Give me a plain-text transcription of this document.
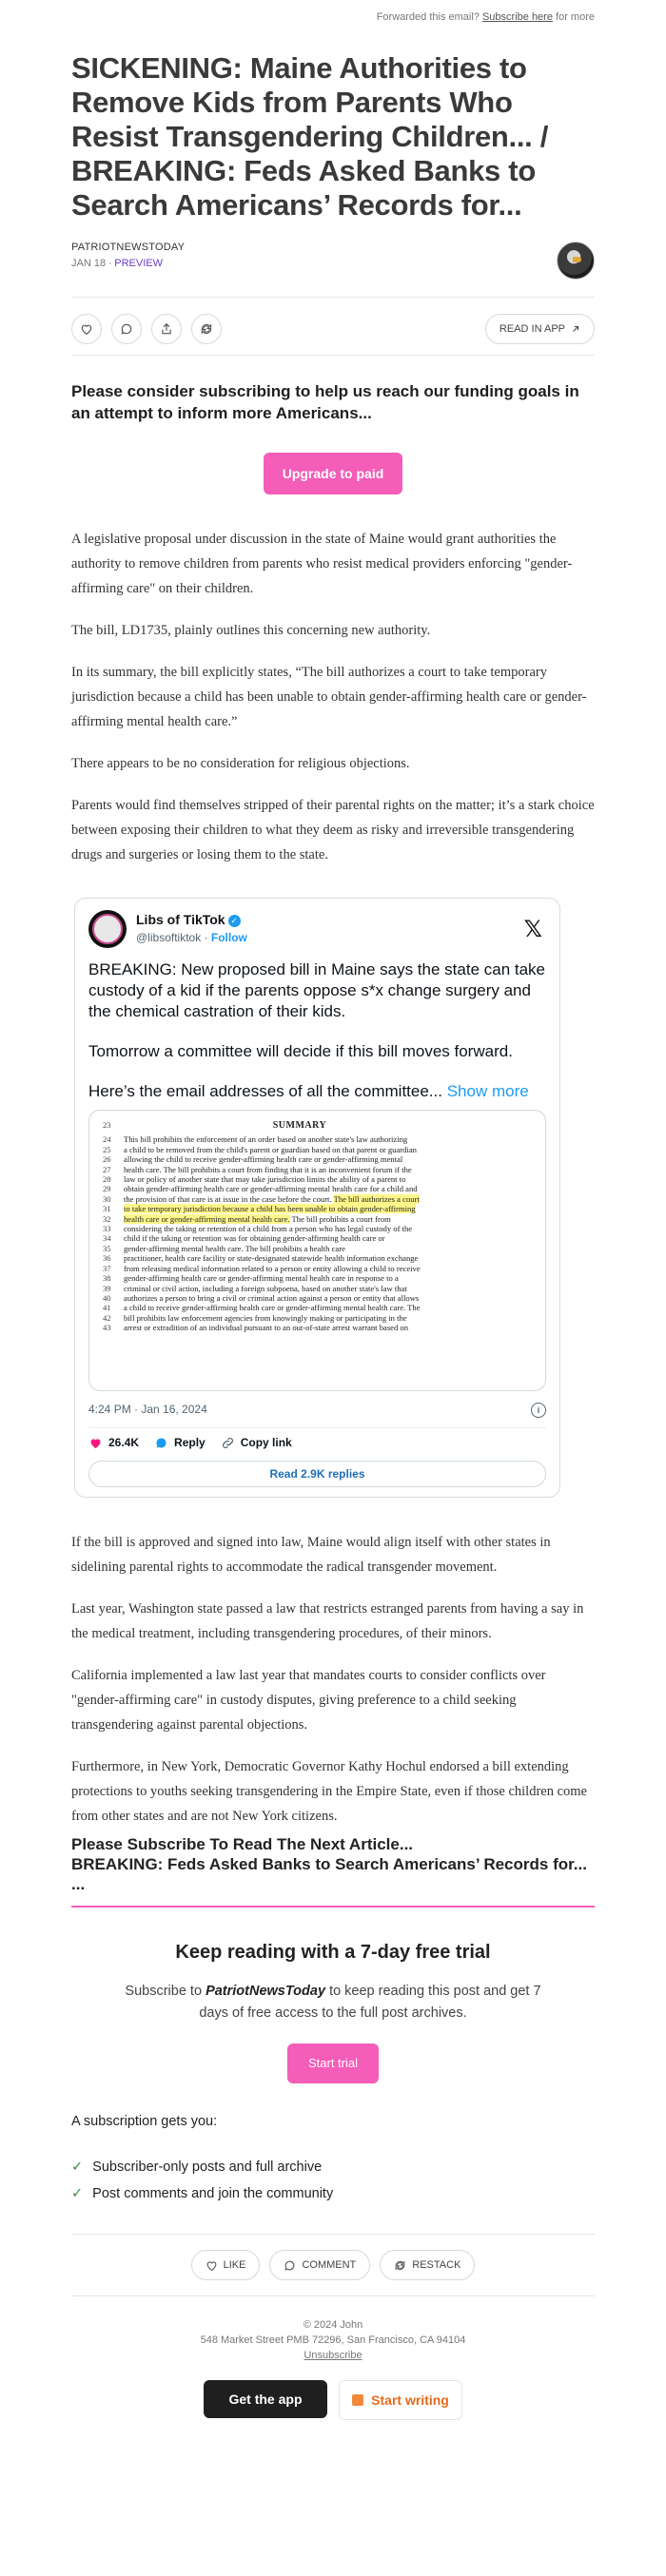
Forwarded this email? Subscribe here for more
SICKENING: Maine Authorities to Remove Kids from Parents Who Resist Transgendering Children... / BREAKING: Feds Asked Banks to Search Americans’ Records for...
PATRIOTNEWSTODAY
JAN 18 ∙ PREVIEW
READ IN APP
Please consider subscribing to help us reach our funding goals in an attempt to inform more Americans...
Upgrade to paid

A legislative proposal under discussion in the state of Maine would grant authorities the authority to remove children from parents who resist medical providers enforcing "gender-affirming care" on their children.

The bill, LD1735, plainly outlines this concerning new authority.

In its summary, the bill explicitly states, “The bill authorizes a court to take temporary jurisdiction because a child has been unable to obtain gender-affirming health care or gender-affirming mental health care.”

There appears to be no consideration for religious objections.

Parents would find themselves stripped of their parental rights on the matter; it’s a stark choice between exposing their children to what they deem as risky and irreversible transgendering drugs and surgeries or losing them to the state.

Libs of TikTok ✓
@libsoftiktok · Follow	𝕏

BREAKING: New proposed bill in Maine says the state can take custody of a kid if the parents oppose s*x change surgery and the chemical castration of their kids.

Tomorrow a committee will decide if this bill moves forward.

Here’s the email addresses of all the committee... Show more

23	SUMMARY
24 This bill prohibits the enforcement of an order based on another state's law authorizing
25 a child to be removed from the child's parent or guardian based on that parent or guardian
26 allowing the child to receive gender-affirming health care or gender-affirming mental
27 health care. The bill prohibits a court from finding that it is an inconvenient forum if the
28 law or policy of another state that may take jurisdiction limits the ability of a parent to
29 obtain gender-affirming health care or gender-affirming mental health care for a child and
30 the provision of that care is at issue in the case before the court. The bill authorizes a court
31 to take temporary jurisdiction because a child has been unable to obtain gender-affirming
32 health care or gender-affirming mental health care. The bill prohibits a court from
33 considering the taking or retention of a child from a person who has legal custody of the
34 child if the taking or retention was for obtaining gender-affirming health care or
35 gender-affirming mental health care. The bill prohibits a health care
36 practitioner, health care facility or state-designated statewide health information exchange
37 from releasing medical information related to a person or entity allowing a child to receive
38 gender-affirming health care or gender-affirming mental health care in response to a
39 criminal or civil action, including a foreign subpoena, based on another state's law that
40 authorizes a person to bring a civil or criminal action against a person or entity that allows
41 a child to receive gender-affirming health care or gender-affirming mental health care. The
42 bill prohibits law enforcement agencies from knowingly making or participating in the
43 arrest or extradition of an individual pursuant to an out-of-state arrest warrant based on
4:24 PM · Jan 16, 2024	i
26.4K	Reply	Copy link
Read 2.9K replies

If the bill is approved and signed into law, Maine would align itself with other states in sidelining parental rights to accommodate the radical transgender movement.

Last year, Washington state passed a law that restricts estranged parents from having a say in the medical treatment, including transgendering procedures, of their minors.

California implemented a law last year that mandates courts to consider conflicts over "gender-affirming care" in custody disputes, giving preference to a child seeking transgendering against parental objections.

Furthermore, in New York, Democratic Governor Kathy Hochul endorsed a bill extending protections to youths seeking transgendering in the Empire State, even if those children come from other states and are not New York citizens.

Please Subscribe To Read The Next Article...
BREAKING: Feds Asked Banks to Search Americans’ Records for...
...
Keep reading with a 7-day free trial
Subscribe to PatriotNewsToday to keep reading this post and get 7 days of free access to the full post archives.
Start trial
A subscription gets you:
✓ Subscriber-only posts and full archive
✓ Post comments and join the community
LIKE	COMMENT	RESTACK
© 2024 John
548 Market Street PMB 72296, San Francisco, CA 94104
Unsubscribe
Get the app	Start writing
